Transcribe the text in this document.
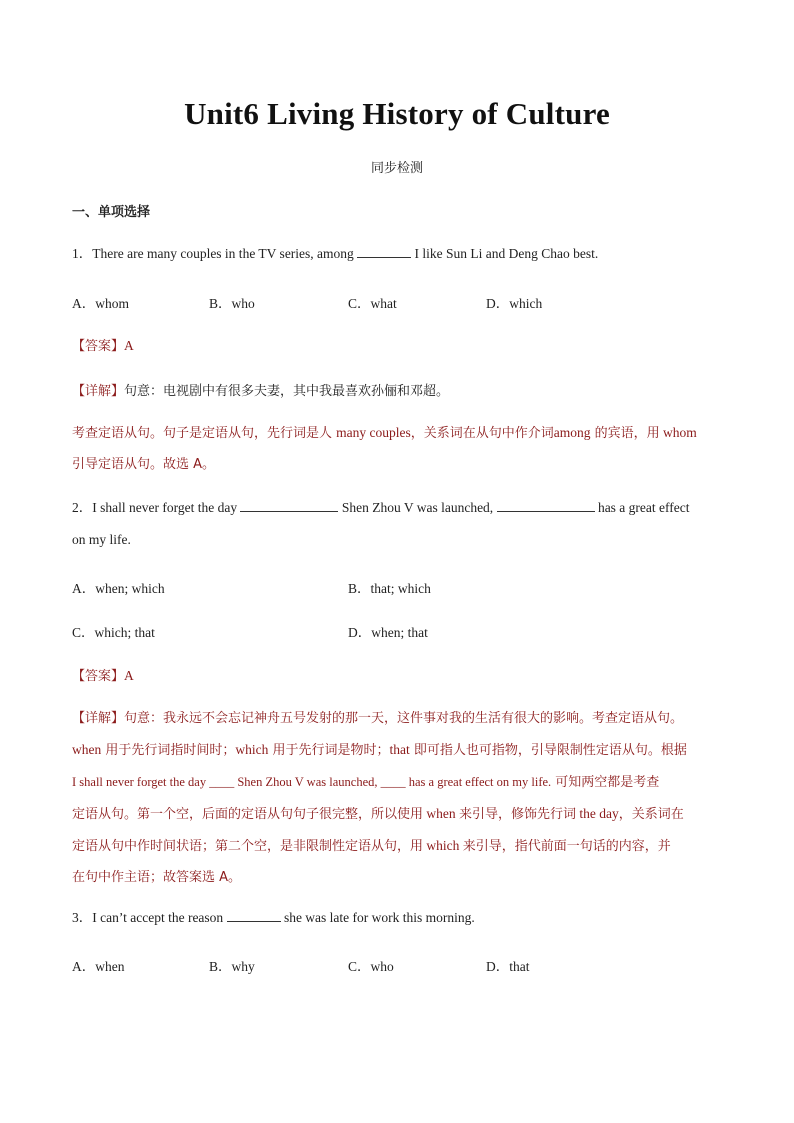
Unit6 Living History of Culture
同步检测
一、单项选择
1．There are many couples in the TV series, among	I like Sun Li and Deng Chao best.
A．whom	B．who	C．what	D．which
【答案】A
【详解】句意：电视剧中有很多夫妻，其中我最喜欢孙俪和邓超。
考查定语从句。句子是定语从句，先行词是人 many couples，关系词在从句中作介词among 的宾语，用 whom
引导定语从句。故选 A。
2．I shall never forget the day	Shen Zhou V was launched,	has a great effect
on my life.
A．when; which	B．that; which
C．which; that	D．when; that
【答案】A
【详解】句意：我永远不会忘记神舟五号发射的那一天，这件事对我的生活有很大的影响。考查定语从句。
when 用于先行词指时间时；which 用于先行词是物时；that 即可指人也可指物，引导限制性定语从句。根据
I shall never forget the day ____ Shen Zhou V was launched, ____ has a great effect on my life. 可知两空都是考查
定语从句。第一个空，后面的定语从句句子很完整，所以使用 when 来引导，修饰先行词 the day，关系词在
定语从句中作时间状语；第二个空，是非限制性定语从句，用 which 来引导，指代前面一句话的内容，并
在句中作主语；故答案选 A。
3．I can’t accept the reason	she was late for work this morning.
A．when	B．why	C．who	D．that
